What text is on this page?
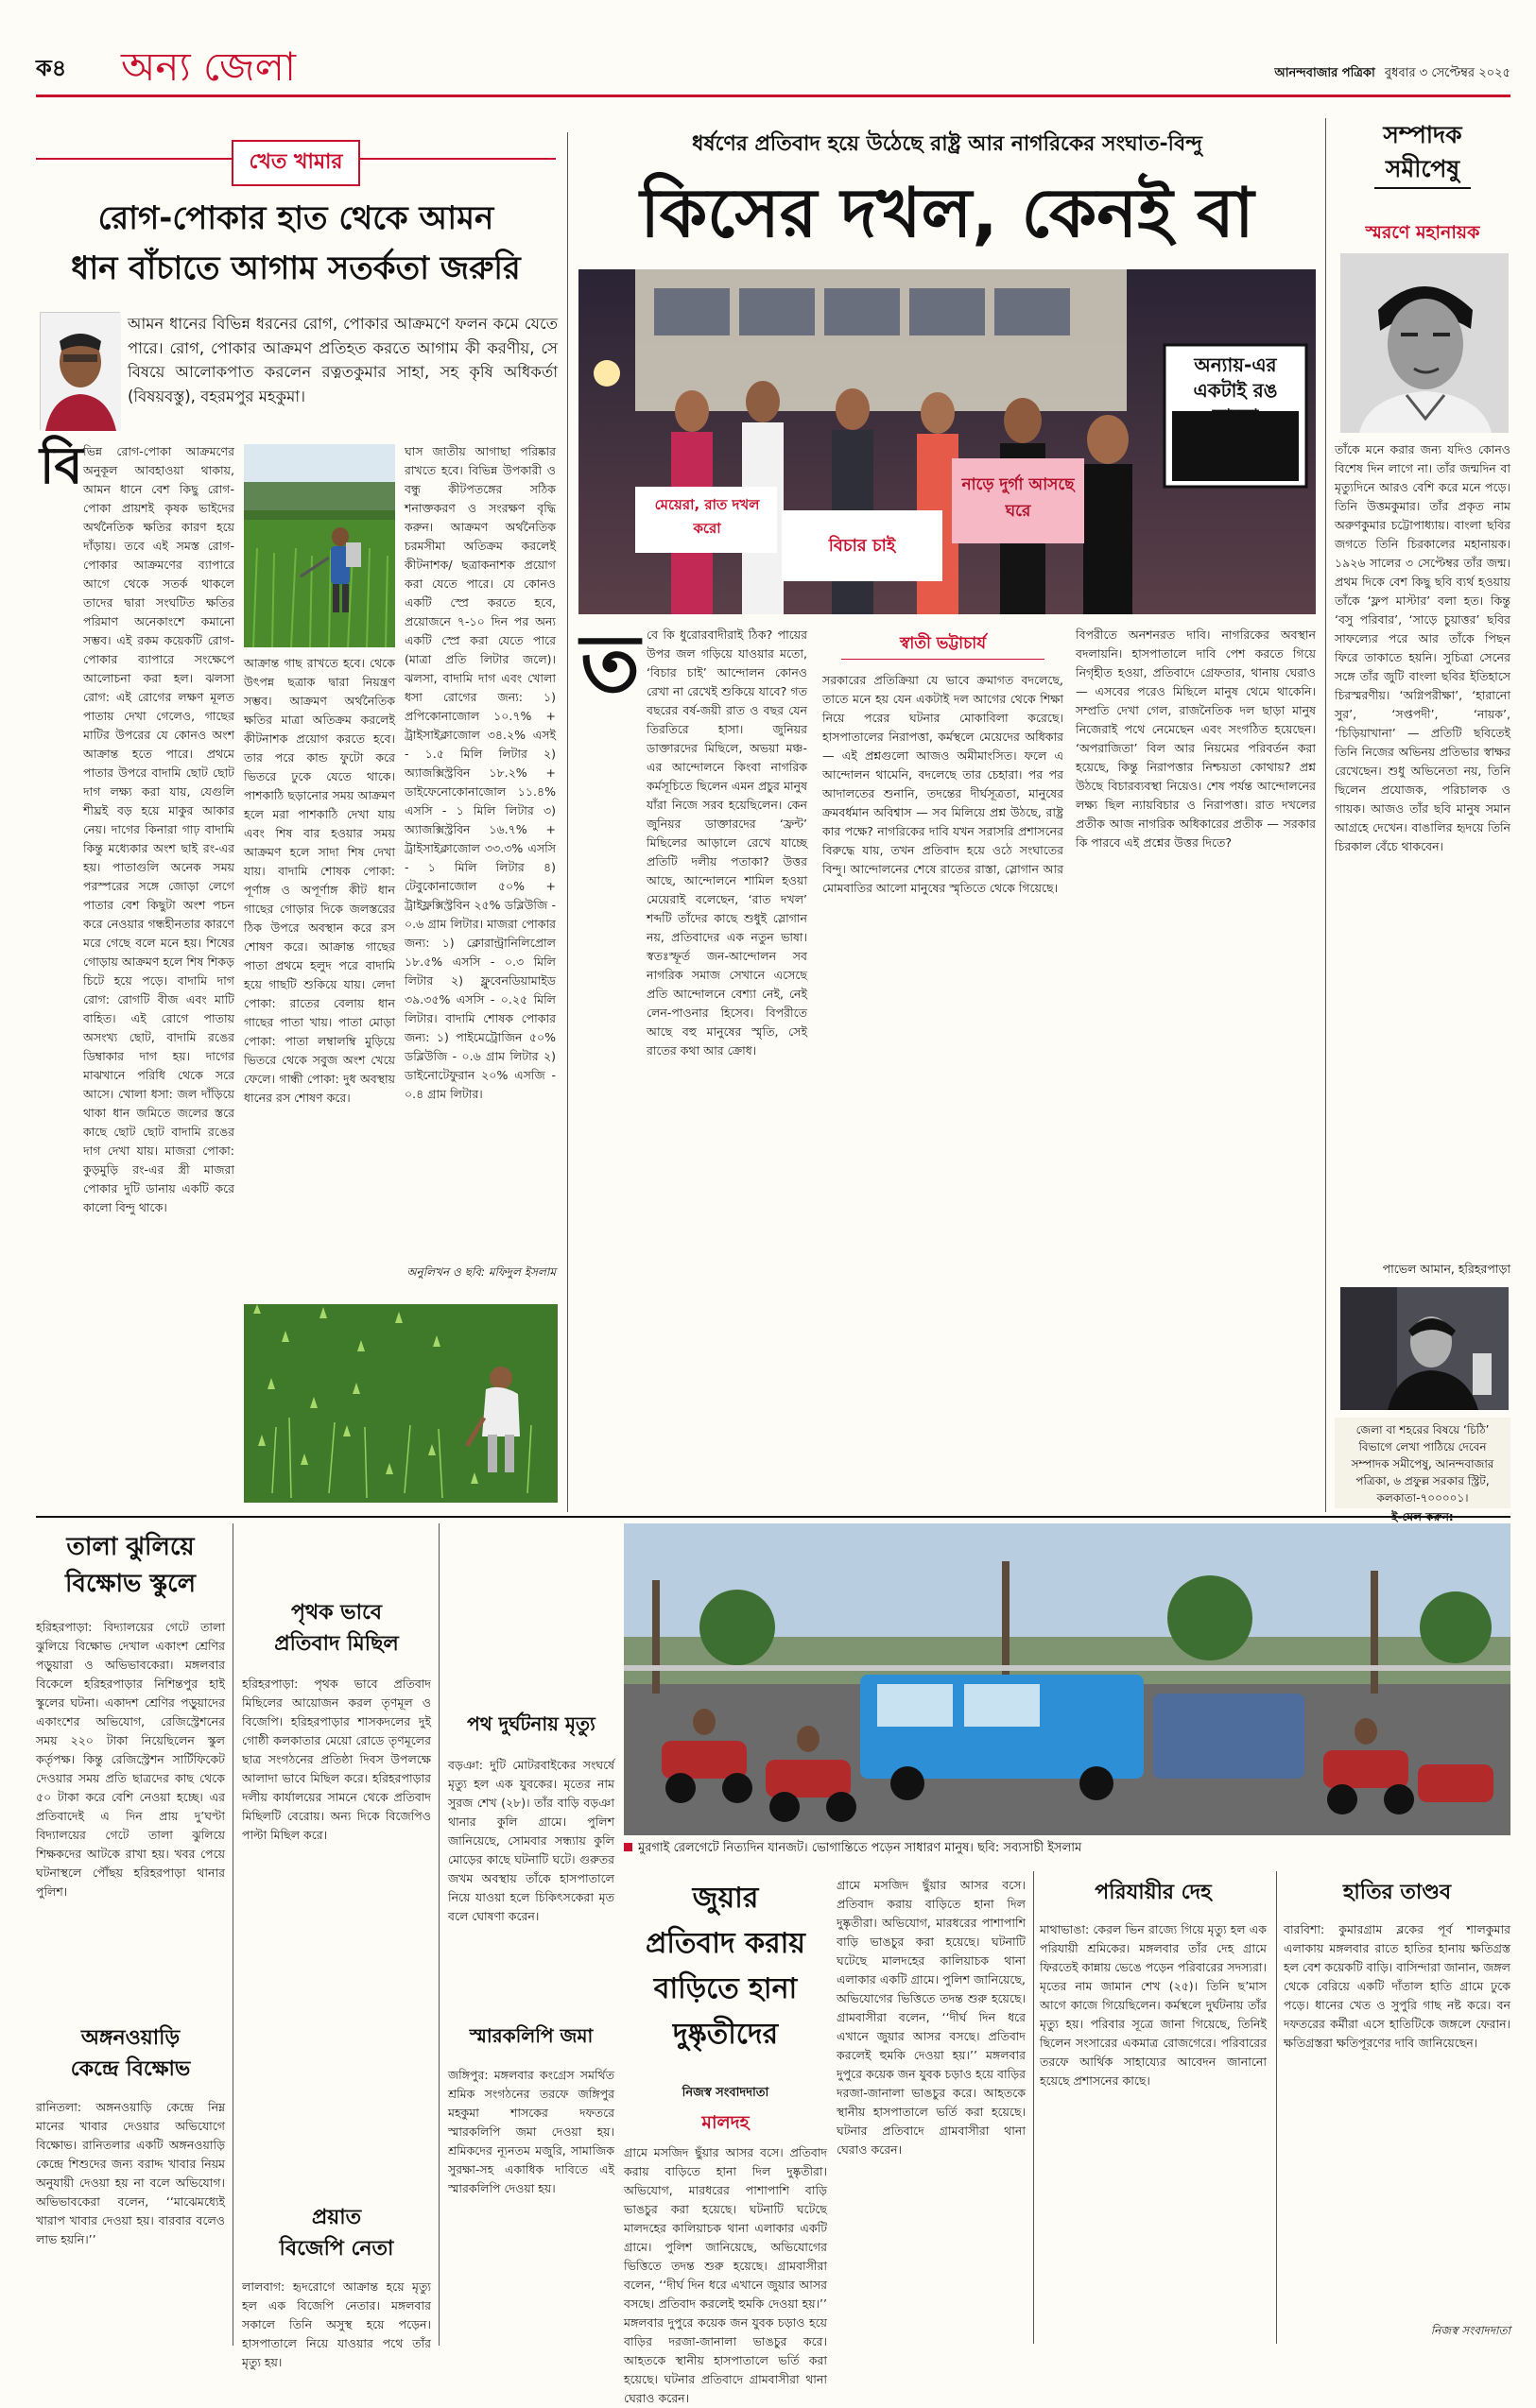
ক৪ অন্য জেলা	আনন্দবাজার পত্রিকা বুধবার ৩ সেপ্টেম্বর ২০২৫
খেত খামার
রোগ-পোকার হাত থেকে আমন
ধান বাঁচাতে আগাম সতর্কতা জরুরি
আমন ধানের বিভিন্ন ধরনের রোগ, পোকার আক্রমণে ফলন কমে যেতে পারে। রোগ, পোকার আক্রমণ প্রতিহত করতে আগাম কী করণীয়, সে বিষয়ে আলোকপাত করলেন রত্নতকুমার সাহা, সহ কৃষি অধিকর্তা (বিষয়বস্তু), বহরমপুর মহকুমা।
বি ভিন্ন রোগ-পোকা আক্রমণের অনুকূল আবহাওয়া থাকায়, আমন ধানে বেশ কিছু রোগ-পোকা প্রায়শই কৃষক ভাইদের অর্থনৈতিক ক্ষতির কারণ হয়ে দাঁড়ায়। তবে এই সমস্ত রোগ-পোকার আক্রমণের ব্যাপারে আগে থেকে সতর্ক থাকলে তাদের দ্বারা সংঘটিত ক্ষতির পরিমাণ অনেকাংশে কমানো সম্ভব। এই রকম কয়েকটি রোগ-পোকার ব্যাপারে সংক্ষেপে আলোচনা করা হল। ঝলসা রোগ: এই রোগের লক্ষণ মূলত পাতায় দেখা গেলেও, গাছের মাটির উপরের যে কোনও অংশ আক্রান্ত হতে পারে। প্রথমে পাতার উপরে বাদামি ছোট ছোট দাগ লক্ষ্য করা যায়, যেগুলি শীঘ্রই বড় হয়ে মাকুর আকার নেয়। দাগের কিনারা গাঢ় বাদামি কিন্তু মধ্যেকার অংশ ছাই রং-এর হয়। পাতাগুলি অনেক সময় পরস্পরের সঙ্গে জোড়া লেগে পাতার বেশ কিছুটা অংশ পচন করে নেওয়ার গন্ধহীনতার কারণে মরে গেছে বলে মনে হয়। শিষের গোড়ায় আক্রমণ হলে শিষ শিকড় চিটে হয়ে পড়ে। বাদামি দাগ রোগ: রোগটি বীজ এবং মাটি বাহিত। এই রোগে পাতায় অসংখ্য ছোট, বাদামি রঙের ডিম্বাকার দাগ হয়। দাগের মাঝখানে পরিধি থেকে সরে আসে। খোলা ধসা: জল দাঁড়িয়ে থাকা ধান জমিতে জলের স্তরে কাছে ছোট ছোট বাদামি রঙের দাগ দেখা যায়। মাজরা পোকা: কুড়মুড়ি রং-এর স্ত্রী মাজরা পোকার দুটি ডানায় একটি করে কালো বিন্দু থাকে।
আক্রান্ত গাছ রাখতে হবে। থেকে উৎপন্ন ছত্রাক দ্বারা নিয়ন্ত্রণ সম্ভব। আক্রমণ অর্থনৈতিক ক্ষতির মাত্রা অতিক্রম করলেই কীটনাশক প্রয়োগ করতে হবে। তার পরে কান্ড ফুটো করে ভিতরে ঢুকে যেতে থাকে। পাশকাঠি ছড়ানোর সময় আক্রমণ হলে মরা পাশকাঠি দেখা যায় এবং শিষ বার হওয়ার সময় আক্রমণ হলে সাদা শিষ দেখা যায়। বাদামি শোষক পোকা: পূর্ণাঙ্গ ও অপূর্ণাঙ্গ কীট ধান গাছের গোড়ার দিকে জলস্তরের ঠিক উপরে অবস্থান করে রস শোষণ করে। আক্রান্ত গাছের পাতা প্রথমে হলুদ পরে বাদামি হয়ে গাছটি শুকিয়ে যায়। লেদা পোকা: রাতের বেলায় ধান গাছের পাতা খায়। পাতা মোড়া পোকা: পাতা লম্বালম্বি মুড়িয়ে ভিতরে থেকে সবুজ অংশ খেয়ে ফেলে। গান্ধী পোকা: দুধ অবস্থায় ধানের রস শোষণ করে।
ঘাস জাতীয় আগাছা পরিষ্কার রাখতে হবে। বিভিন্ন উপকারী ও বন্ধু কীটপতঙ্গের সঠিক শনাক্তকরণ ও সংরক্ষণ বৃদ্ধি করুন। আক্রমণ অর্থনৈতিক চরমসীমা অতিক্রম করলেই কীটনাশক/ ছত্রাকনাশক প্রয়োগ করা যেতে পারে। যে কোনও একটি স্প্রে করতে হবে, প্রয়োজনে ৭-১০ দিন পর অন্য একটি স্প্রে করা যেতে পারে (মাত্রা প্রতি লিটার জলে)। ঝলসা, বাদামি দাগ এবং খোলা ধসা রোগের জন্য: ১) প্রপিকোনাজোল ১০.৭% + ট্রাইসাইক্লাজোল ৩৪.২% এসই - ১.৫ মিলি লিটার ২) অ্যাজক্সিস্ট্রবিন ১৮.২% + ডাইফেনোকোনাজোল ১১.৪% এসসি - ১ মিলি লিটার ৩) অ্যাজক্সিস্ট্রবিন ১৬.৭% + ট্রাইসাইক্লাজোল ৩৩.৩% এসসি - ১ মিলি লিটার ৪) টেবুকোনাজোল ৫০% + ট্রাইফ্লক্সিস্ট্রবিন ২৫% ডব্লিউজি - ০.৬ গ্রাম লিটার। মাজরা পোকার জন্য: ১) ক্লোরান্ট্রানিলিপ্রোল ১৮.৫% এসসি - ০.৩ মিলি লিটার ২) ফ্লুবেনডিয়ামাইড ৩৯.৩৫% এসসি - ০.২৫ মিলি লিটার। বাদামি শোষক পোকার জন্য: ১) পাইমেট্রোজিন ৫০% ডব্লিউজি - ০.৬ গ্রাম লিটার ২) ডাইনোটেফুরান ২০% এসজি - ০.৪ গ্রাম লিটার।
অনুলিখন ও ছবি: মফিদুল ইসলাম
ধর্ষণের প্রতিবাদ হয়ে উঠেছে রাষ্ট্র আর নাগরিকের সংঘাত-বিন্দু
কিসের দখল, কেনই বা
অন্যায়-এর একটাই রঙ কালো
মেয়েরা, রাত দখল করো
নাড়ে দুর্গা আসছে ঘরে
বিচার চাই
ত বে কি ধুরোরবাদীরাই ঠিক? পায়ের উপর জল গড়িয়ে যাওয়ার মতো, ‘বিচার চাই’ আন্দোলন কোনও রেখা না রেখেই শুকিয়ে যাবে? গত বছরের বর্ষ-জয়ী রাত ও বছর যেন তিরতিরে হাসা। জুনিয়র ডাক্তারদের মিছিলে, অভয়া মঞ্চ-এর আন্দোলনে কিংবা নাগরিক কর্মসূচিতে ছিলেন এমন প্রচুর মানুষ যাঁরা নিজে সরব হয়েছিলেন। কেন জুনিয়র ডাক্তারদের ‘ফ্রন্ট’ মিছিলের আড়ালে রেখে যাচ্ছে প্রতিটি দলীয় পতাকা? উত্তর আছে, আন্দোলনে শামিল হওয়া মেয়েরাই বলেছেন, ‘রাত দখল’ শব্দটি তাঁদের কাছে শুধুই স্লোগান নয়, প্রতিবাদের এক নতুন ভাষা। স্বতঃস্ফূর্ত জন-আন্দোলন সব নাগরিক সমাজ সেখানে এসেছে প্রতি আন্দোলনে বেশ্যা নেই, নেই লেন-পাওনার হিসেব। বিপরীতে আছে বহু মানুষের স্মৃতি, সেই রাতের কথা আর ক্রোধ।
স্বাতী ভট্টাচার্য
সরকারের প্রতিক্রিয়া যে ভাবে ক্রমাগত বদলেছে, তাতে মনে হয় যেন একটাই দল আগের থেকে শিক্ষা নিয়ে পরের ঘটনার মোকাবিলা করেছে। হাসপাতালের নিরাপত্তা, কর্মস্থলে মেয়েদের অধিকার — এই প্রশ্নগুলো আজও অমীমাংসিত। ফলে এ আন্দোলন থামেনি, বদলেছে তার চেহারা। পর পর আদালতের শুনানি, তদন্তের দীর্ঘসূত্রতা, মানুষের ক্রমবর্ধমান অবিশ্বাস — সব মিলিয়ে প্রশ্ন উঠছে, রাষ্ট্র কার পক্ষে? নাগরিকের দাবি যখন সরাসরি প্রশাসনের বিরুদ্ধে যায়, তখন প্রতিবাদ হয়ে ওঠে সংঘাতের বিন্দু। আন্দোলনের শেষে রাতের রাস্তা, স্লোগান আর মোমবাতির আলো মানুষের স্মৃতিতে থেকে গিয়েছে।
বিপরীতে অনশনরত দাবি। নাগরিকের অবস্থান বদলায়নি। হাসপাতালে দাবি পেশ করতে গিয়ে নিগৃহীত হওয়া, প্রতিবাদে গ্রেফতার, থানায় ঘেরাও — এসবের পরেও মিছিলে মানুষ থেমে থাকেনি। সম্প্রতি দেখা গেল, রাজনৈতিক দল ছাড়া মানুষ নিজেরাই পথে নেমেছেন এবং সংগঠিত হয়েছেন। ‘অপরাজিতা’ বিল আর নিয়মের পরিবর্তন করা হয়েছে, কিন্তু নিরাপত্তার নিশ্চয়তা কোথায়? প্রশ্ন উঠছে বিচারব্যবস্থা নিয়েও। শেষ পর্যন্ত আন্দোলনের লক্ষ্য ছিল ন্যায়বিচার ও নিরাপত্তা। রাত দখলের প্রতীক আজ নাগরিক অধিকারের প্রতীক — সরকার কি পারবে এই প্রশ্নের উত্তর দিতে?
সম্পাদক
সমীপেষু
স্মরণে মহানায়ক
তাঁকে মনে করার জন্য যদিও কোনও বিশেষ দিন লাগে না। তাঁর জন্মদিন বা মৃত্যুদিনে আরও বেশি করে মনে পড়ে। তিনি উত্তমকুমার। তাঁর প্রকৃত নাম অরুণকুমার চট্টোপাধ্যায়। বাংলা ছবির জগতে তিনি চিরকালের মহানায়ক। ১৯২৬ সালের ৩ সেপ্টেম্বর তাঁর জন্ম। প্রথম দিকে বেশ কিছু ছবি ব্যর্থ হওয়ায় তাঁকে ‘ফ্লপ মাস্টার’ বলা হত। কিন্তু ‘বসু পরিবার’, ‘সাড়ে চুয়াত্তর’ ছবির সাফল্যের পরে আর তাঁকে পিছন ফিরে তাকাতে হয়নি। সুচিত্রা সেনের সঙ্গে তাঁর জুটি বাংলা ছবির ইতিহাসে চিরস্মরণীয়। ‘অগ্নিপরীক্ষা’, ‘হারানো সুর’, ‘সপ্তপদী’, ‘নায়ক’, ‘চিড়িয়াখানা’ — প্রতিটি ছবিতেই তিনি নিজের অভিনয় প্রতিভার স্বাক্ষর রেখেছেন। শুধু অভিনেতা নয়, তিনি ছিলেন প্রযোজক, পরিচালক ও গায়ক। আজও তাঁর ছবি মানুষ সমান আগ্রহে দেখেন। বাঙালির হৃদয়ে তিনি চিরকাল বেঁচে থাকবেন।
পাভেল আমান, হরিহরপাড়া
জেলা বা শহরের বিষয়ে ‘চিঠি’ বিভাগে লেখা পাঠিয়ে দেবেন সম্পাদক সমীপেষু, আনন্দবাজার পত্রিকা, ৬ প্রফুল্ল সরকার স্ট্রিট, কলকাতা-৭০০০০১।
তালা ঝুলিয়ে
বিক্ষোভ স্কুলে
হরিহরপাড়া: বিদ্যালয়ের গেটে তালা ঝুলিয়ে বিক্ষোভ দেখাল একাংশ শ্রেণির পড়ুয়ারা ও অভিভাবকেরা। মঙ্গলবার বিকেলে হরিহরপাড়ার নিশিন্তপুর হাই স্কুলের ঘটনা। একাদশ শ্রেণির পড়ুয়াদের একাংশের অভিযোগ, রেজিস্ট্রেশনের সময় ২২০ টাকা নিয়েছিলেন স্কুল কর্তৃপক্ষ। কিন্তু রেজিস্ট্রেশন সার্টিফিকেট দেওয়ার সময় প্রতি ছাত্রদের কাছ থেকে ৫০ টাকা করে বেশি নেওয়া হচ্ছে। এর প্রতিবাদেই এ দিন প্রায় দু’ঘণ্টা বিদ্যালয়ের গেটে তালা ঝুলিয়ে শিক্ষকদের আটকে রাখা হয়। খবর পেয়ে ঘটনাস্থলে পৌঁছয় হরিহরপাড়া থানার পুলিশ।
অঙ্গনওয়াড়ি
কেন্দ্রে বিক্ষোভ
রানিতলা: অঙ্গনওয়াড়ি কেন্দ্রে নিম্ন মানের খাবার দেওয়ার অভিযোগে বিক্ষোভ। রানিতলার একটি অঙ্গনওয়াড়ি কেন্দ্রে শিশুদের জন্য বরাদ্দ খাবার নিয়ম অনুযায়ী দেওয়া হয় না বলে অভিযোগ। অভিভাবকেরা বলেন, ‘‘মাঝেমধ্যেই খারাপ খাবার দেওয়া হয়। বারবার বলেও লাভ হয়নি।’’
পৃথক ভাবে
প্রতিবাদ মিছিল
হরিহরপাড়া: পৃথক ভাবে প্রতিবাদ মিছিলের আয়োজন করল তৃণমূল ও বিজেপি। হরিহরপাড়ার শাসকদলের দুই গোষ্ঠী কলকাতার মেয়ো রোডে তৃণমূলের ছাত্র সংগঠনের প্রতিষ্ঠা দিবস উপলক্ষে আলাদা ভাবে মিছিল করে। হরিহরপাড়ার দলীয় কার্যালয়ের সামনে থেকে প্রতিবাদ মিছিলটি বেরোয়। অন্য দিকে বিজেপিও পাল্টা মিছিল করে।
প্রয়াত
বিজেপি নেতা
লালবাগ: হৃদরোগে আক্রান্ত হয়ে মৃত্যু হল এক বিজেপি নেতার। মঙ্গলবার সকালে তিনি অসুস্থ হয়ে পড়েন। হাসপাতালে নিয়ে যাওয়ার পথে তাঁর মৃত্যু হয়।
পথ দুর্ঘটনায় মৃত্যু
বড়ঞা: দুটি মোটরবাইকের সংঘর্ষে মৃত্যু হল এক যুবকের। মৃতের নাম সুরজ শেখ (২৮)। তাঁর বাড়ি বড়ঞা থানার কুলি গ্রামে। পুলিশ জানিয়েছে, সোমবার সন্ধ্যায় কুলি মোড়ের কাছে ঘটনাটি ঘটে। গুরুতর জখম অবস্থায় তাঁকে হাসপাতালে নিয়ে যাওয়া হলে চিকিৎসকেরা মৃত বলে ঘোষণা করেন।
স্মারকলিপি জমা
জঙ্গিপুর: মঙ্গলবার কংগ্রেস সমর্থিত শ্রমিক সংগঠনের তরফে জঙ্গিপুর মহকুমা শাসকের দফতরে স্মারকলিপি জমা দেওয়া হয়। শ্রমিকদের ন্যূনতম মজুরি, সামাজিক সুরক্ষা-সহ একাধিক দাবিতে এই স্মারকলিপি দেওয়া হয়।
মুরগাই রেলগেটে নিত্যদিন যানজট। ভোগান্তিতে পড়েন সাধারণ মানুষ। ছবি: সব্যসাচী ইসলাম
জুয়ার
প্রতিবাদ করায়
বাড়িতে হানা
দুষ্কৃতীদের
নিজস্ব সংবাদদাতা
মালদহ
গ্রামে মসজিদ ছুঁয়ার আসর বসে। প্রতিবাদ করায় বাড়িতে হানা দিল দুষ্কৃতীরা। অভিযোগ, মারধরের পাশাপাশি বাড়ি ভাঙচুর করা হয়েছে। ঘটনাটি ঘটেছে মালদহের কালিয়াচক থানা এলাকার একটি গ্রামে। পুলিশ জানিয়েছে, অভিযোগের ভিত্তিতে তদন্ত শুরু হয়েছে। গ্রামবাসীরা বলেন, ‘‘দীর্ঘ দিন ধরে এখানে জুয়ার আসর বসছে। প্রতিবাদ করলেই হুমকি দেওয়া হয়।’’ মঙ্গলবার দুপুরে কয়েক জন যুবক চড়াও হয়ে বাড়ির দরজা-জানালা ভাঙচুর করে। আহতকে স্থানীয় হাসপাতালে ভর্তি করা হয়েছে। ঘটনার প্রতিবাদে গ্রামবাসীরা থানা ঘেরাও করেন।
গ্রামে মসজিদ ছুঁয়ার আসর বসে। প্রতিবাদ করায় বাড়িতে হানা দিল দুষ্কৃতীরা। অভিযোগ, মারধরের পাশাপাশি বাড়ি ভাঙচুর করা হয়েছে। ঘটনাটি ঘটেছে মালদহের কালিয়াচক থানা এলাকার একটি গ্রামে। পুলিশ জানিয়েছে, অভিযোগের ভিত্তিতে তদন্ত শুরু হয়েছে। গ্রামবাসীরা বলেন, ‘‘দীর্ঘ দিন ধরে এখানে জুয়ার আসর বসছে। প্রতিবাদ করলেই হুমকি দেওয়া হয়।’’ মঙ্গলবার দুপুরে কয়েক জন যুবক চড়াও হয়ে বাড়ির দরজা-জানালা ভাঙচুর করে। আহতকে স্থানীয় হাসপাতালে ভর্তি করা হয়েছে। ঘটনার প্রতিবাদে গ্রামবাসীরা থানা ঘেরাও করেন।
পরিযায়ীর দেহ
মাথাভাঙা: কেরল ভিন রাজ্যে গিয়ে মৃত্যু হল এক পরিযায়ী শ্রমিকের। মঙ্গলবার তাঁর দেহ গ্রামে ফিরতেই কান্নায় ভেঙে পড়েন পরিবারের সদস্যরা। মৃতের নাম জামান শেখ (২৫)। তিনি ছ’মাস আগে কাজে গিয়েছিলেন। কর্মস্থলে দুর্ঘটনায় তাঁর মৃত্যু হয়। পরিবার সূত্রে জানা গিয়েছে, তিনিই ছিলেন সংসারের একমাত্র রোজগেরে। পরিবারের তরফে আর্থিক সাহায্যের আবেদন জানানো হয়েছে প্রশাসনের কাছে।
হাতির তাণ্ডব
বারবিশা: কুমারগ্রাম ব্লকের পূর্ব শালকুমার এলাকায় মঙ্গলবার রাতে হাতির হানায় ক্ষতিগ্রস্ত হল বেশ কয়েকটি বাড়ি। বাসিন্দারা জানান, জঙ্গল থেকে বেরিয়ে একটি দাঁতাল হাতি গ্রামে ঢুকে পড়ে। ধানের খেত ও সুপুরি গাছ নষ্ট করে। বন দফতরের কর্মীরা এসে হাতিটিকে জঙ্গলে ফেরান। ক্ষতিগ্রস্তরা ক্ষতিপূরণের দাবি জানিয়েছেন।
নিজস্ব সংবাদদাতা
